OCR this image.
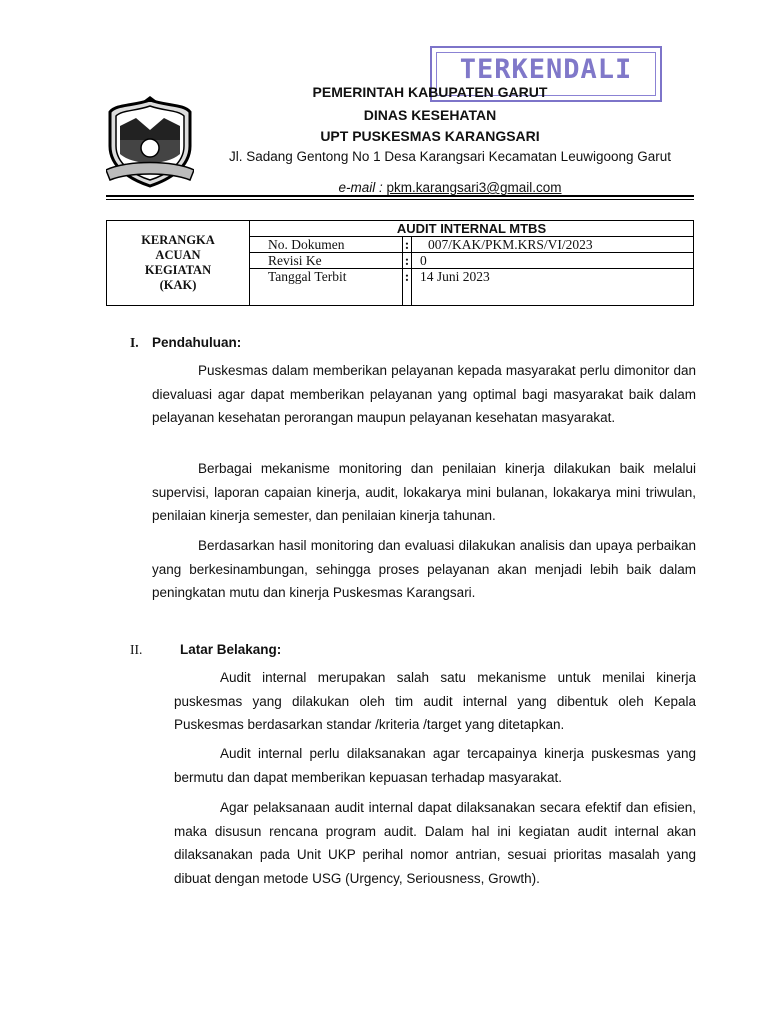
TERKENDALI
PEMERINTAH KABUPATEN GARUT
DINAS KESEHATAN
UPT PUSKESMAS KARANGSARI
Jl. Sadang Gentong No 1 Desa Karangsari Kecamatan Leuwigoong Garut
e-mail : pkm.karangsari3@gmail.com
KERANGKA
ACUAN
KEGIATAN
(KAK)	AUDIT INTERNAL MTBS		
	No. Dokumen	:	007/KAK/PKM.KRS/VI/2023
	Revisi Ke	:	0
	Tanggal Terbit	:	14 Juni 2023
I. Pendahuluan:

Puskesmas dalam memberikan pelayanan kepada masyarakat perlu dimonitor dan dievaluasi agar dapat memberikan pelayanan yang optimal bagi masyarakat baik dalam pelayanan kesehatan perorangan maupun pelayanan kesehatan masyarakat.

Berbagai mekanisme monitoring dan penilaian kinerja dilakukan baik melalui supervisi, laporan capaian kinerja, audit, lokakarya mini bulanan, lokakarya mini triwulan, penilaian kinerja semester, dan penilaian kinerja tahunan.

Berdasarkan hasil monitoring dan evaluasi dilakukan analisis dan upaya perbaikan yang berkesinambungan, sehingga proses pelayanan akan menjadi lebih baik dalam peningkatan mutu dan kinerja Puskesmas Karangsari.

II.	Latar Belakang:

Audit internal merupakan salah satu mekanisme untuk menilai kinerja puskesmas yang dilakukan oleh tim audit internal yang dibentuk oleh Kepala Puskesmas berdasarkan standar /kriteria /target yang ditetapkan.

Audit internal perlu dilaksanakan agar tercapainya kinerja puskesmas yang bermutu dan dapat memberikan kepuasan terhadap masyarakat.

Agar pelaksanaan audit internal dapat dilaksanakan secara efektif dan efisien, maka disusun rencana program audit. Dalam hal ini kegiatan audit internal akan dilaksanakan pada Unit UKP perihal nomor antrian, sesuai prioritas masalah yang dibuat dengan metode USG (Urgency, Seriousness, Growth).
